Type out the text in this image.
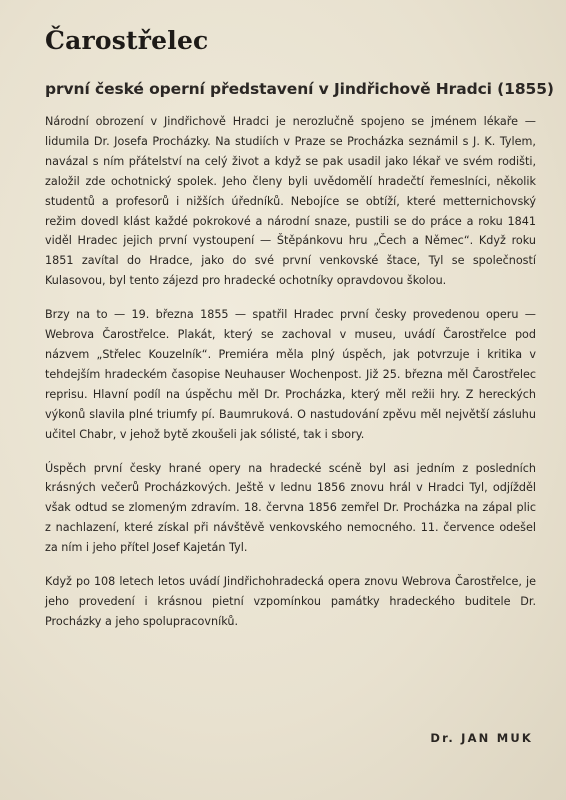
Čarostřelec
první české operní představení v Jindřichově Hradci (1855)

Národní obrození v Jindřichově Hradci je nerozlučně spojeno se jménem lékaře — lidumila Dr. Josefa Procházky. Na studiích v Praze se Procházka seznámil s J. K. Tylem, navázal s ním přátelství na celý život a když se pak usadil jako lékař ve svém rodišti, založil zde ochotnický spolek. Jeho členy byli uvědomělí hradečtí řemeslníci, několik studentů a profesorů i nižších úředníků. Nebojíce se obtíží, které metternichovský režim dovedl klást každé pokrokové a národní snaze, pustili se do práce a roku 1841 viděl Hradec jejich první vystoupení — Štěpánkovu hru „Čech a Němec“. Když roku 1851 zavítal do Hradce, jako do své první venkovské štace, Tyl se společností Kulasovou, byl tento zájezd pro hradecké ochotníky opravdovou školou.

Brzy na to — 19. března 1855 — spatřil Hradec první česky provedenou operu — Webrova Čarostřelce. Plakát, který se zachoval v museu, uvádí Čarostřelce pod názvem „Střelec Kouzelník“. Premiéra měla plný úspěch, jak potvrzuje i kritika v tehdejším hradeckém časopise Neuhauser Wochenpost. Již 25. března měl Čarostřelec reprisu. Hlavní podíl na úspěchu měl Dr. Procházka, který měl režii hry. Z hereckých výkonů slavila plné triumfy pí. Baumruková. O nastudování zpěvu měl největší zásluhu učitel Chabr, v jehož bytě zkoušeli jak sólisté, tak i sbory.

Úspěch první česky hrané opery na hradecké scéně byl asi jedním z posledních krásných večerů Procházkových. Ještě v lednu 1856 znovu hrál v Hradci Tyl, odjížděl však odtud se zlomeným zdravím. 18. června 1856 zemřel Dr. Procházka na zápal plic z nachlazení, které získal při návštěvě venkovského nemocného. 11. července odešel za ním i jeho přítel Josef Kajetán Tyl.

Když po 108 letech letos uvádí Jindřichohradecká opera znovu Webrova Čarostřelce, je jeho provedení i krásnou pietní vzpomínkou památky hradeckého buditele Dr. Procházky a jeho spolupracovníků.

Dr. JAN MUK
